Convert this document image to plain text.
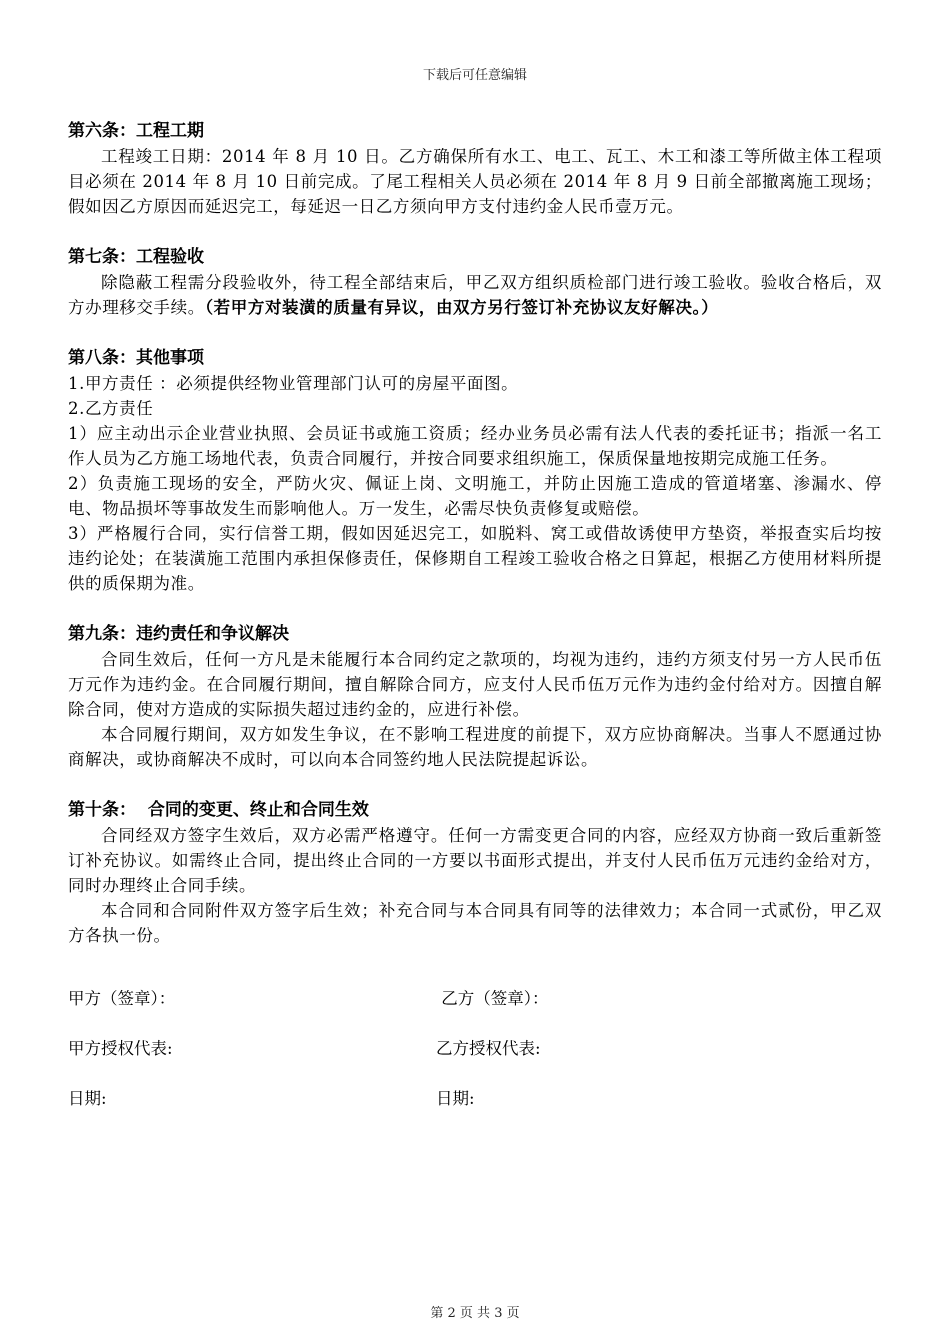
下载后可任意编辑
第六条：工程工期

工程竣工日期：2014 年 8 月 10 日。乙方确保所有水工、电工、瓦工、木工和漆工等所做主体工程项目必须在 2014 年 8 月 10 日前完成。了尾工程相关人员必须在 2014 年 8 月 9 日前全部撤离施工现场；假如因乙方原因而延迟完工，每延迟一日乙方须向甲方支付违约金人民币壹万元。

第七条：工程验收

除隐蔽工程需分段验收外，待工程全部结束后，甲乙双方组织质检部门进行竣工验收。验收合格后，双方办理移交手续。（若甲方对装潢的质量有异议，由双方另行签订补充协议友好解决。）

第八条：其他事项

1.甲方责任 ：必须提供经物业管理部门认可的房屋平面图。

2.乙方责任

1）应主动出示企业营业执照、会员证书或施工资质；经办业务员必需有法人代表的委托证书；指派一名工作人员为乙方施工场地代表，负责合同履行，并按合同要求组织施工，保质保量地按期完成施工任务。

2）负责施工现场的安全，严防火灾、佩证上岗、文明施工，并防止因施工造成的管道堵塞、渗漏水、停电、物品损坏等事故发生而影响他人。万一发生，必需尽快负责修复或赔偿。

3）严格履行合同，实行信誉工期，假如因延迟完工，如脱料、窝工或借故诱使甲方垫资，举报查实后均按违约论处；在装潢施工范围内承担保修责任，保修期自工程竣工验收合格之日算起，根据乙方使用材料所提供的质保期为准。

第九条：违约责任和争议解决

合同生效后，任何一方凡是未能履行本合同约定之款项的，均视为违约，违约方须支付另一方人民币伍万元作为违约金。在合同履行期间，擅自解除合同方，应支付人民币伍万元作为违约金付给对方。因擅自解除合同，使对方造成的实际损失超过违约金的，应进行补偿。

本合同履行期间，双方如发生争议，在不影响工程进度的前提下，双方应协商解决。当事人不愿通过协商解决，或协商解决不成时，可以向本合同签约地人民法院提起诉讼。

第十条：  合同的变更、终止和合同生效

合同经双方签字生效后，双方必需严格遵守。任何一方需变更合同的内容，应经双方协商一致后重新签订补充协议。如需终止合同，提出终止合同的一方要以书面形式提出，并支付人民币伍万元违约金给对方，同时办理终止合同手续。

本合同和合同附件双方签字后生效；补充合同与本合同具有同等的法律效力；本合同一式贰份，甲乙双方各执一份。

甲方（签章）：	乙方（签章）：
甲方授权代表:	乙方授权代表:
日期:	日期:
第 2 页 共 3 页
